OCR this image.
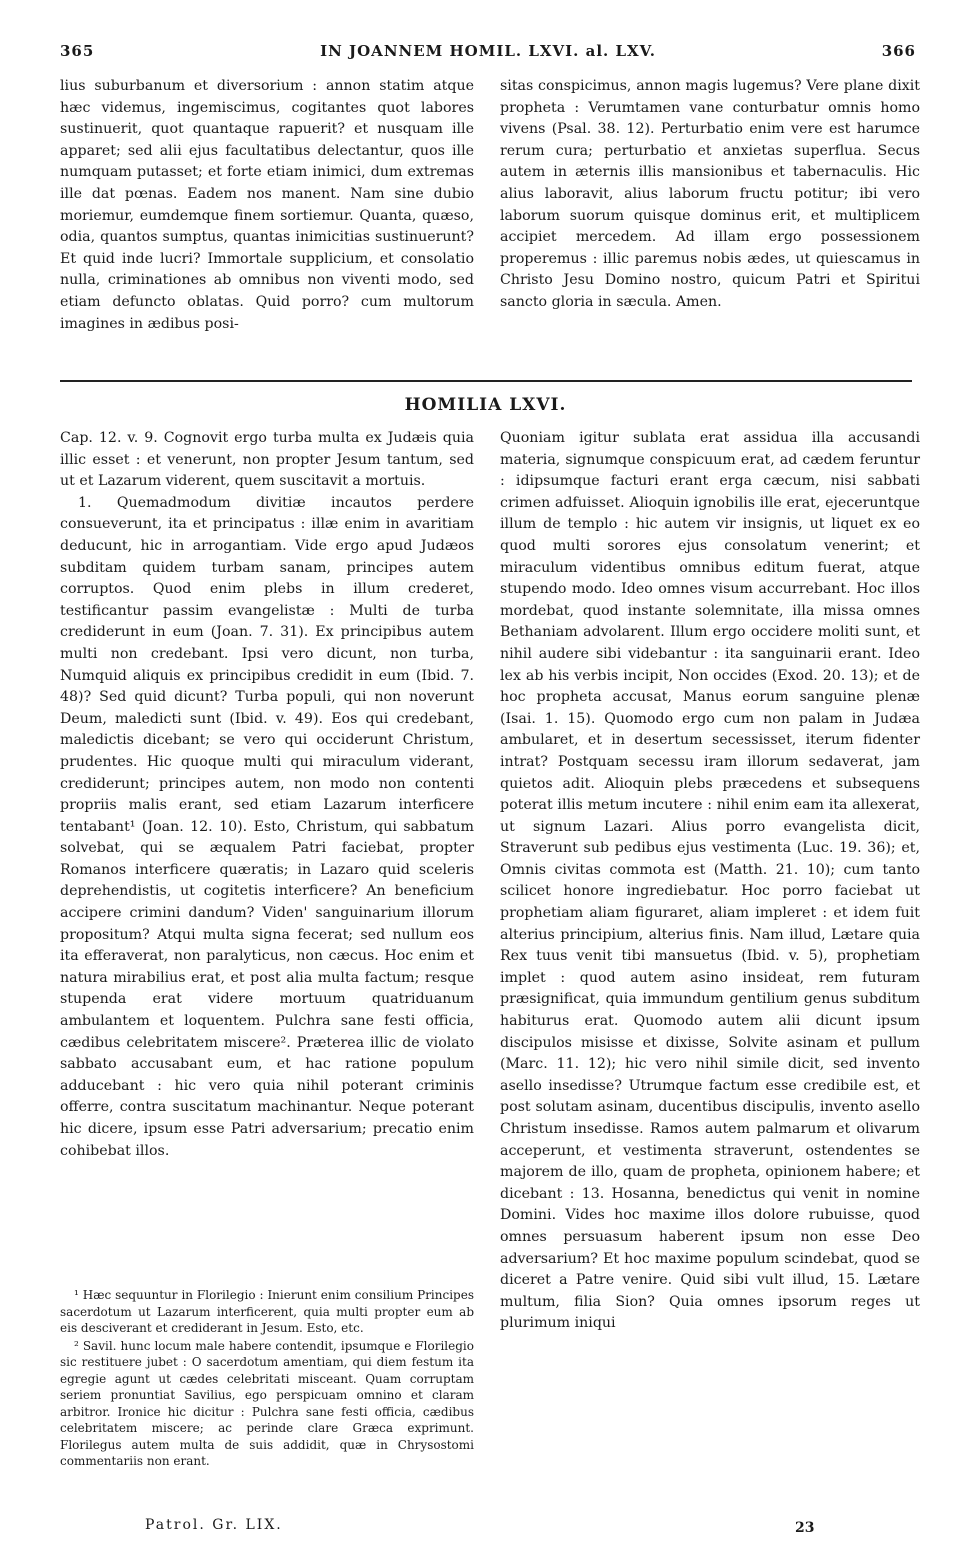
365	IN JOANNEM HOMIL. LXVI. al. LXV.	366

lius suburbanum et diversorium : annon statim atque hæc videmus, ingemiscimus, cogitantes quot labores sustinuerit, quot quantaque rapuerit? et nusquam ille apparet; sed alii ejus facultatibus delectantur, quos ille numquam putasset; et forte etiam inimici, dum extremas ille dat pœnas. Eadem nos manent. Nam sine dubio moriemur, eumdemque finem sortiemur. Quanta, quæso, odia, quantos sumptus, quantas inimicitias sustinuerunt? Et quid inde lucri? Immortale supplicium, et consolatio nulla, criminationes ab omnibus non viventi modo, sed etiam defuncto oblatas. Quid porro? cum multorum imagines in ædibus posi-

sitas conspicimus, annon magis lugemus? Vere plane dixit propheta : Verumtamen vane conturbatur omnis homo vivens (Psal. 38. 12). Perturbatio enim vere est harumce rerum cura; perturbatio et anxietas superflua. Secus autem in æternis illis mansionibus et tabernaculis. Hic alius laboravit, alius laborum fructu potitur; ibi vero laborum suorum quisque dominus erit, et multiplicem accipiet mercedem. Ad illam ergo possessionem properemus : illic paremus nobis ædes, ut quiescamus in Christo Jesu Domino nostro, quicum Patri et Spiritui sancto gloria in sæcula. Amen.

HOMILIA LXVI.

Cap. 12. v. 9. Cognovit ergo turba multa ex Judæis quia illic esset : et venerunt, non propter Jesum tantum, sed ut et Lazarum viderent, quem suscitavit a mortuis.

1. Quemadmodum divitiæ incautos perdere consueverunt, ita et principatus : illæ enim in avaritiam deducunt, hic in arrogantiam. Vide ergo apud Judæos subditam quidem turbam sanam, principes autem corruptos. Quod enim plebs in illum crederet, testificantur passim evangelistæ : Multi de turba crediderunt in eum (Joan. 7. 31). Ex principibus autem multi non credebant. Ipsi vero dicunt, non turba, Numquid aliquis ex principibus credidit in eum (Ibid. 7. 48)? Sed quid dicunt? Turba populi, qui non noverunt Deum, maledicti sunt (Ibid. v. 49). Eos qui credebant, maledictis dicebant; se vero qui occiderunt Christum, prudentes. Hic quoque multi qui miraculum viderant, crediderunt; principes autem, non modo non contenti propriis malis erant, sed etiam Lazarum interficere tentabant¹ (Joan. 12. 10). Esto, Christum, qui sabbatum solvebat, qui se æqualem Patri faciebat, propter Romanos interficere quæratis; in Lazaro quid sceleris deprehendistis, ut cogitetis interficere? An beneficium accipere crimini dandum? Viden' sanguinarium illorum propositum? Atqui multa signa fecerat; sed nullum eos ita efferaverat, non paralyticus, non cæcus. Hoc enim et natura mirabilius erat, et post alia multa factum; resque stupenda erat videre mortuum quatriduanum ambulantem et loquentem. Pulchra sane festi officia, cædibus celebritatem miscere². Præterea illic de violato sabbato accusabant eum, et hac ratione populum adducebant : hic vero quia nihil poterant criminis offerre, contra suscitatum machinantur. Neque poterant hic dicere, ipsum esse Patri adversarium; precatio enim cohibebat illos.

Quoniam igitur sublata erat assidua illa accusandi materia, signumque conspicuum erat, ad cædem feruntur : idipsumque facturi erant erga cæcum, nisi sabbati crimen adfuisset. Alioquin ignobilis ille erat, ejeceruntque illum de templo : hic autem vir insignis, ut liquet ex eo quod multi sorores ejus consolatum venerint; et miraculum videntibus omnibus editum fuerat, atque stupendo modo. Ideo omnes visum accurrebant. Hoc illos mordebat, quod instante solemnitate, illa missa omnes Bethaniam advolarent. Illum ergo occidere moliti sunt, et nihil audere sibi videbantur : ita sanguinarii erant. Ideo lex ab his verbis incipit, Non occides (Exod. 20. 13); et de hoc propheta accusat, Manus eorum sanguine plenæ (Isai. 1. 15). Quomodo ergo cum non palam in Judæa ambularet, et in desertum secessisset, iterum fidenter intrat? Postquam secessu iram illorum sedaverat, jam quietos adit. Alioquin plebs præcedens et subsequens poterat illis metum incutere : nihil enim eam ita allexerat, ut signum Lazari. Alius porro evangelista dicit, Straverunt sub pedibus ejus vestimenta (Luc. 19. 36); et, Omnis civitas commota est (Matth. 21. 10); cum tanto scilicet honore ingrediebatur. Hoc porro faciebat ut prophetiam aliam figuraret, aliam impleret : et idem fuit alterius principium, alterius finis. Nam illud, Lætare quia Rex tuus venit tibi mansuetus (Ibid. v. 5), prophetiam implet : quod autem asino insideat, rem futuram præsignificat, quia immundum gentilium genus subditum habiturus erat. Quomodo autem alii dicunt ipsum discipulos misisse et dixisse, Solvite asinam et pullum (Marc. 11. 12); hic vero nihil simile dicit, sed invento asello insedisse? Utrumque factum esse credibile est, et post solutam asinam, ducentibus discipulis, invento asello Christum insedisse. Ramos autem palmarum et olivarum acceperunt, et vestimenta straverunt, ostendentes se majorem de illo, quam de propheta, opinionem habere; et dicebant : 13. Hosanna, benedictus qui venit in nomine Domini. Vides hoc maxime illos dolore rubuisse, quod omnes persuasum haberent ipsum non esse Deo adversarium? Et hoc maxime populum scindebat, quod se diceret a Patre venire. Quid sibi vult illud, 15. Lætare multum, filia Sion? Quia omnes ipsorum reges ut plurimum iniqui

¹ Hæc sequuntur in Florilegio : Inierunt enim consilium Principes sacerdotum ut Lazarum interficerent, quia multi propter eum ab eis desciverant et crediderant in Jesum. Esto, etc.

² Savil. hunc locum male habere contendit, ipsumque e Florilegio sic restituere jubet : O sacerdotum amentiam, qui diem festum ita egregie agunt ut cædes celebritati misceant. Quam corruptam seriem pronuntiat Savilius, ego perspicuam omnino et claram arbitror. Ironice hic dicitur : Pulchra sane festi officia, cædibus celebritatem miscere; ac perinde clare Græca exprimunt. Florilegus autem multa de suis addidit, quæ in Chrysostomi commentariis non erant.

Patrol. Gr. LIX.	23
